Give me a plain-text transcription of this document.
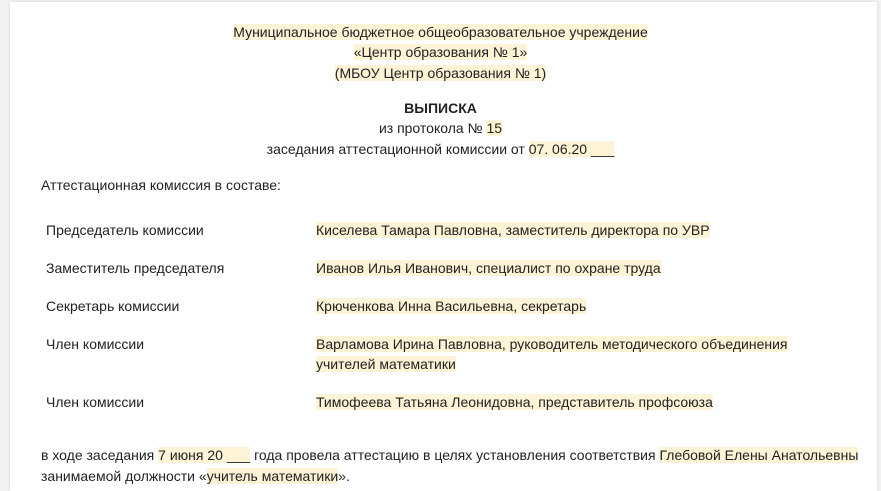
Муниципальное бюджетное общеобразовательное учреждение
«Центр образования № 1»
(МБОУ Центр образования № 1)
ВЫПИСКА
из протокола № 15
заседания аттестационной комиссии от 07. 06.20 ___
Аттестационная комиссия в составе:
Председатель комиссии	Киселева Тамара Павловна, заместитель директора по УВР
Заместитель председателя	Иванов Илья Иванович, специалист по охране труда
Секретарь комиссии	Крюченкова Инна Васильевна, секретарь
Член комиссии	Варламова Ирина Павловна, руководитель методического объединения учителей математики
Член комиссии	Тимофеева Татьяна Леонидовна, представитель профсоюза
в ходе заседания 7 июня 20 ___ года провела аттестацию в целях установления соответствия Глебовой Елены Анатольевны
занимаемой должности «учитель математики».
